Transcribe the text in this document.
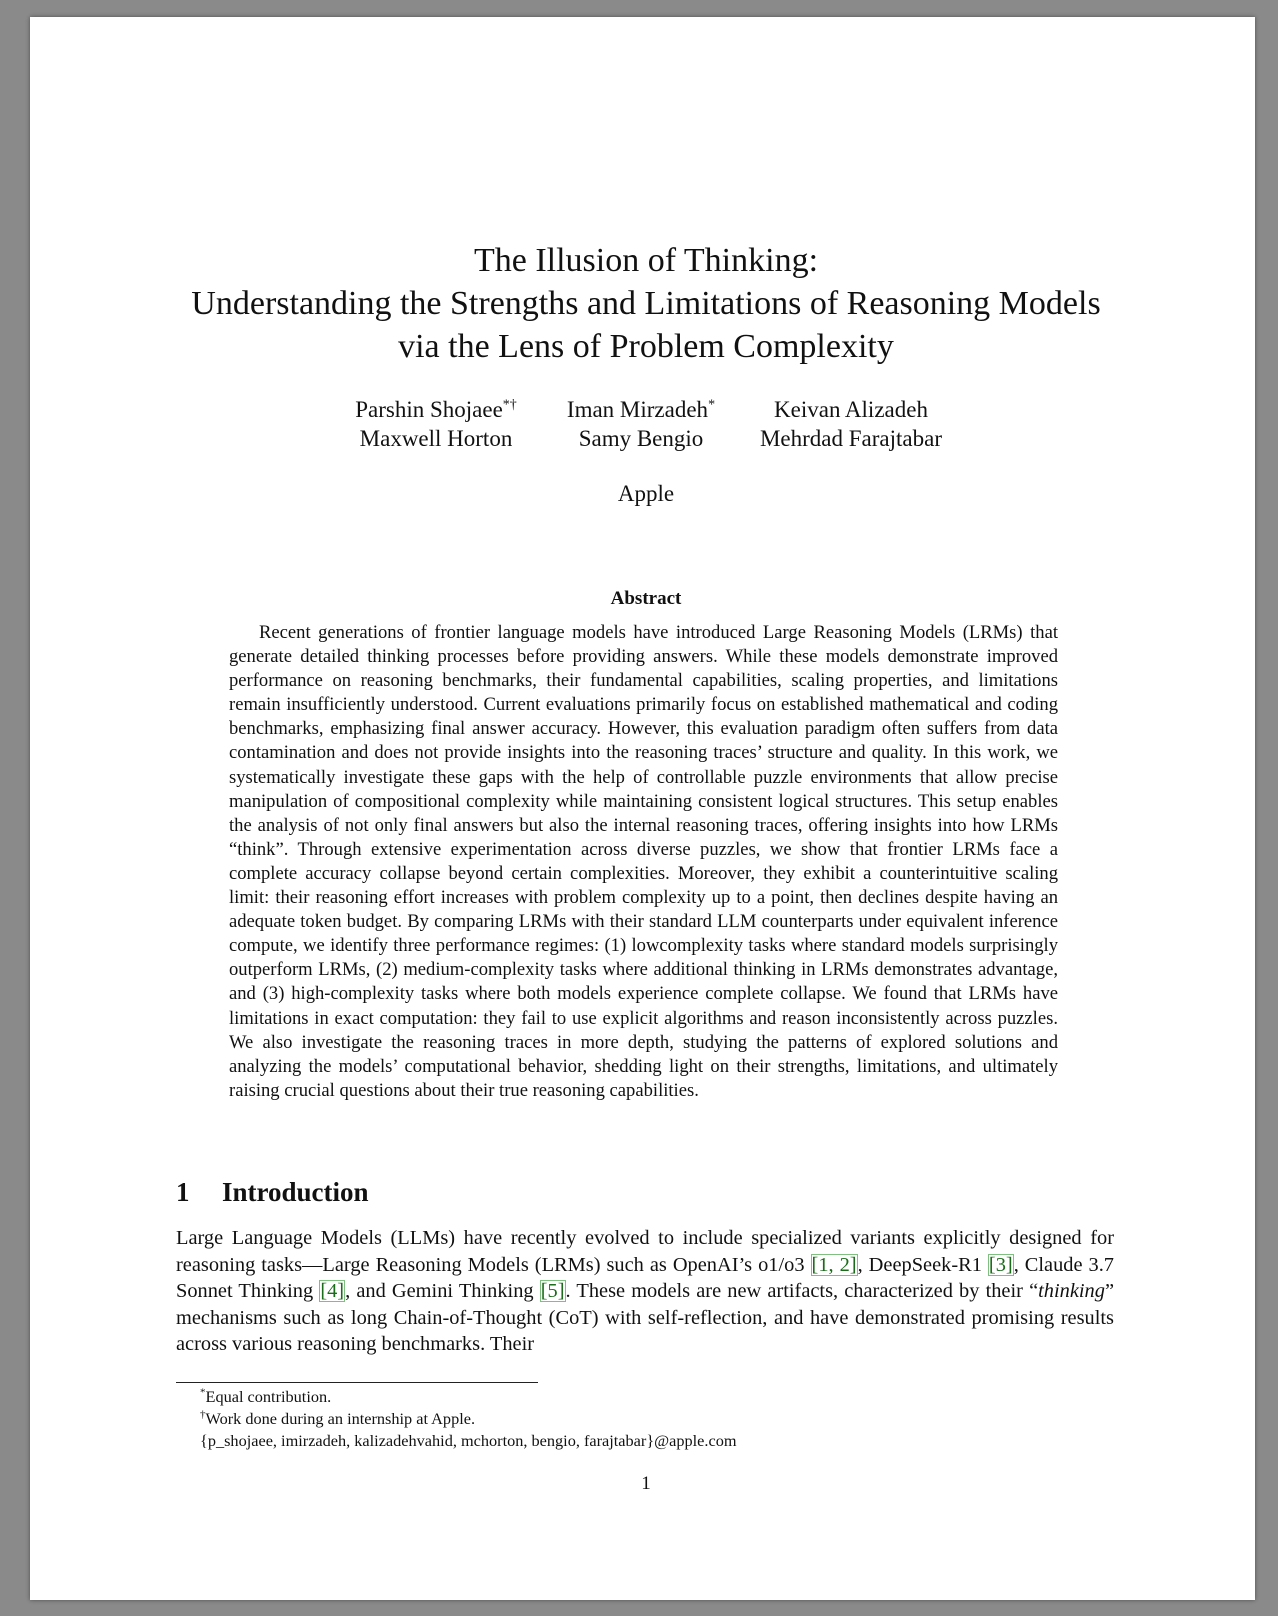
The Illusion of Thinking:
Understanding the Strengths and Limitations of Reasoning Models
via the Lens of Problem Complexity
Parshin Shojaee*†	Iman Mirzadeh*	Keivan Alizadeh
Maxwell Horton	Samy Bengio	Mehrdad Farajtabar
Apple
Abstract
Recent generations of frontier language models have introduced Large Reasoning Models (LRMs) that generate detailed thinking processes before providing answers. While these models demonstrate improved performance on reasoning benchmarks, their fundamental capabilities, scaling properties, and limitations remain insufficiently understood. Current evaluations primarily focus on established mathematical and coding benchmarks, emphasizing final answer accuracy. However, this evaluation paradigm often suffers from data contamination and does not provide insights into the reasoning traces’ structure and quality. In this work, we systematically investigate these gaps with the help of controllable puzzle environments that allow precise manipulation of compositional complexity while maintaining consistent logical structures. This setup enables the analysis of not only final answers but also the internal reasoning traces, offering insights into how LRMs “think”. Through extensive experimentation across diverse puzzles, we show that frontier LRMs face a complete accuracy collapse beyond certain complexities. Moreover, they exhibit a counterintuitive scaling limit: their reasoning effort increases with problem complexity up to a point, then declines despite having an adequate token budget. By comparing LRMs with their standard LLM counterparts under equivalent inference compute, we identify three performance regimes: (1) lowcomplexity tasks where standard models surprisingly outperform LRMs, (2) medium-complexity tasks where additional thinking in LRMs demonstrates advantage, and (3) high-complexity tasks where both models experience complete collapse. We found that LRMs have limitations in exact computation: they fail to use explicit algorithms and reason inconsistently across puzzles. We also investigate the reasoning traces in more depth, studying the patterns of explored solutions and analyzing the models’ computational behavior, shedding light on their strengths, limitations, and ultimately raising crucial questions about their true reasoning capabilities.
1 Introduction
Large Language Models (LLMs) have recently evolved to include specialized variants explicitly designed for reasoning tasks—Large Reasoning Models (LRMs) such as OpenAI’s o1/o3 [1, 2], DeepSeek-R1 [3], Claude 3.7 Sonnet Thinking [4], and Gemini Thinking [5]. These models are new artifacts, characterized by their “thinking” mechanisms such as long Chain-of-Thought (CoT) with self-reflection, and have demonstrated promising results across various reasoning benchmarks. Their
*Equal contribution.
†Work done during an internship at Apple.
{p_shojaee, imirzadeh, kalizadehvahid, mchorton, bengio, farajtabar}@apple.com
1
